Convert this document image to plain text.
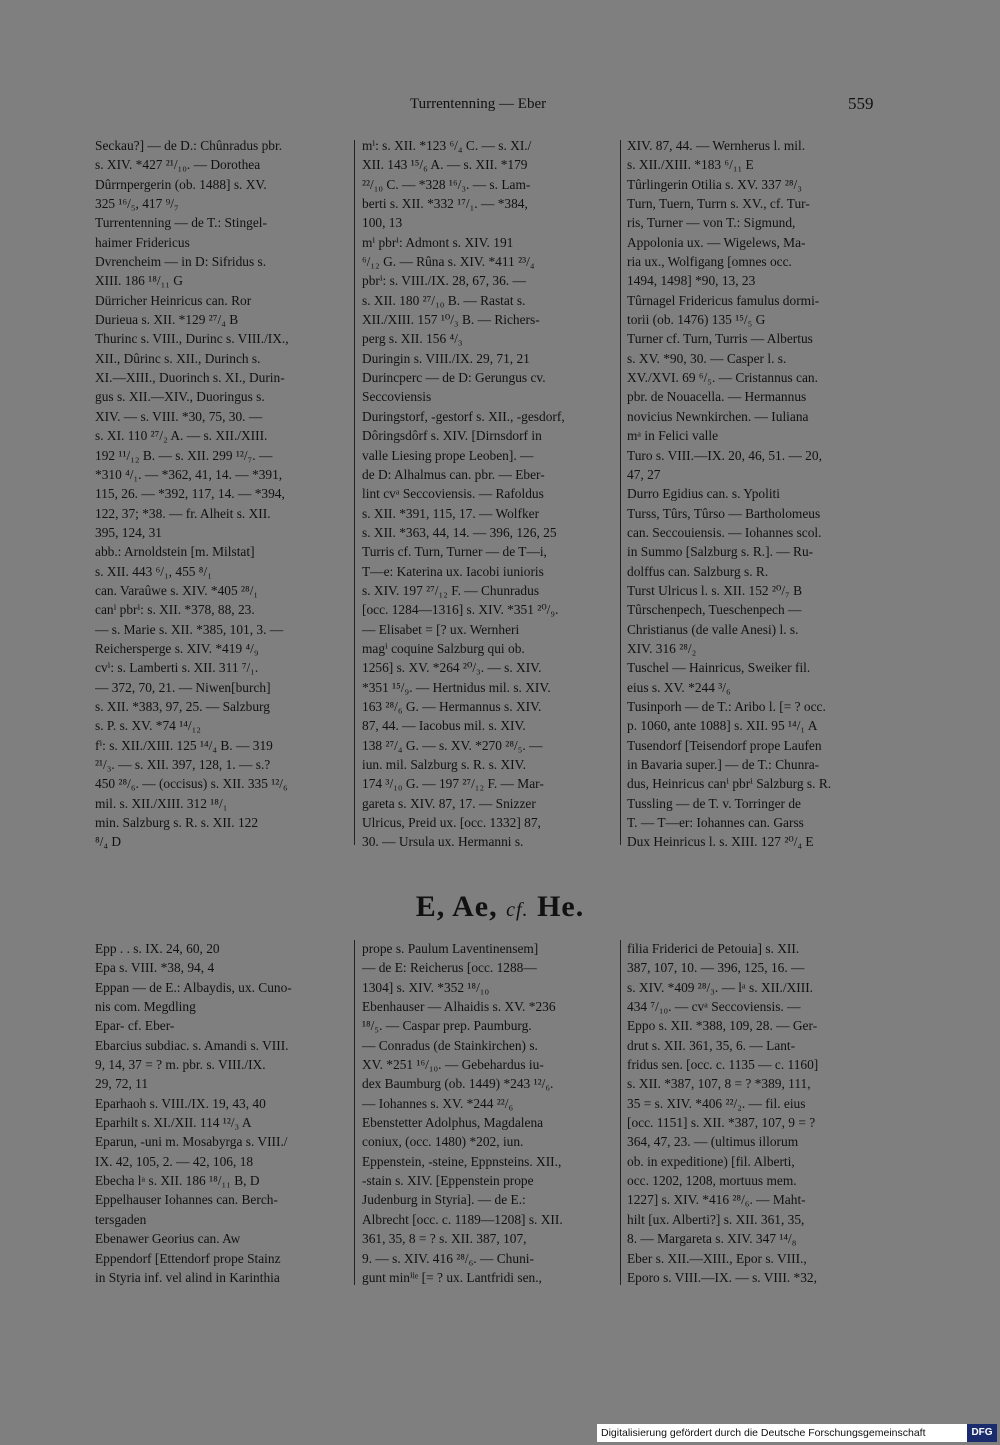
Turrentenning — Eber	559
Seckau?] — de D.: Chûnradus pbr.
s. XIV. *427 ²¹/₁₀. — Dorothea
Dûrrnpergerin (ob. 1488] s. XV.
325 ¹⁶/₅, 417 ⁹/₇
Turrentenning — de T.: Stingel-
haimer Fridericus
Dvrencheim — in D: Sifridus s.
XIII. 186 ¹⁸/₁₁ G
Dürricher Heinricus can. Ror
Durieua s. XII. *129 ²⁷/₄ B
Thurinc s. VIII., Durinc s. VIII./IX.,
XII., Dûrinc s. XII., Durinch s.
XI.—XIII., Duorinch s. XI., Durin-
gus s. XII.—XIV., Duoringus s.
XIV. — s. VIII. *30, 75, 30. —
s. XI. 110 ²⁷/₂ A. — s. XII./XIII.
192 ¹¹/₁₂ B. — s. XII. 299 ¹²/₇. —
*310 ⁴/₁. — *362, 41, 14. — *391,
115, 26. — *392, 117, 14. — *394,
122, 37; *38. — fr. Alheit s. XII.
395, 124, 31
abb.: Arnoldstein [m. Milstat]
s. XII. 443 ⁶/₁, 455 ⁸/₁
can. Varaûwe s. XIV. *405 ²⁸/₁
canⁱ pbrⁱ: s. XII. *378, 88, 23.
— s. Marie s. XII. *385, 101, 3. —
Reichersperge s. XIV. *419 ⁴/₉
cvⁱ: s. Lamberti s. XII. 311 ⁷/₁.
— 372, 70, 21. — Niwen[burch]
s. XII. *383, 97, 25. — Salzburg
s. P. s. XV. *74 ¹⁴/₁₂
fⁱ: s. XII./XIII. 125 ¹⁴/₄ B. — 319
²¹/₃. — s. XII. 397, 128, 1. — s.?
450 ²⁸/₆. — (occisus) s. XII. 335 ¹²/₆
mil. s. XII./XIII. 312 ¹⁸/₁
min. Salzburg s. R. s. XII. 122
⁸/₄ D
mⁱ: s. XII. *123 ⁶/₄ C. — s. XI./
XII. 143 ¹⁵/₆ A. — s. XII. *179
²²/₁₀ C. — *328 ¹⁶/₃. — s. Lam-
berti s. XII. *332 ¹⁷/₁. — *384,
100, 13
mⁱ pbrⁱ: Admont s. XIV. 191
⁶/₁₂ G. — Rûna s. XIV. *411 ²³/₄
pbrⁱ: s. VIII./IX. 28, 67, 36. —
s. XII. 180 ²⁷/₁₀ B. — Rastat s.
XII./XIII. 157 ¹⁰/₃ B. — Richers-
perg s. XII. 156 ⁴/₃
Duringin s. VIII./IX. 29, 71, 21
Durincperc — de D: Gerungus cv.
Seccoviensis
Duringstorf, -gestorf s. XII., -gesdorf,
Dôringsdôrf s. XIV. [Dirnsdorf in
valle Liesing prope Leoben]. —
de D: Alhalmus can. pbr. — Eber-
lint cvᵃ Seccoviensis. — Rafoldus
s. XII. *391, 115, 17. — Wolfker
s. XII. *363, 44, 14. — 396, 126, 25
Turris cf. Turn, Turner — de T—i,
T—e: Katerina ux. Iacobi iunioris
s. XIV. 197 ²⁷/₁₂ F. — Chunradus
[occ. 1284—1316] s. XIV. *351 ²⁰/₉.
— Elisabet = [? ux. Wernheri
magⁱ coquine Salzburg qui ob.
1256] s. XV. *264 ²⁰/₃. — s. XIV.
*351 ¹⁵/₉. — Hertnidus mil. s. XIV.
163 ²⁸/₆ G. — Hermannus s. XIV.
87, 44. — Iacobus mil. s. XIV.
138 ²⁷/₄ G. — s. XV. *270 ²⁸/₅. —
iun. mil. Salzburg s. R. s. XIV.
174 ³/₁₀ G. — 197 ²⁷/₁₂ F. — Mar-
gareta s. XIV. 87, 17. — Snizzer
Ulricus, Preid ux. [occ. 1332] 87,
30. — Ursula ux. Hermanni s.
XIV. 87, 44. — Wernherus l. mil.
s. XII./XIII. *183 ⁶/₁₁ E
Tûrlingerin Otilia s. XV. 337 ²⁸/₃
Turn, Tuern, Turrn s. XV., cf. Tur-
ris, Turner — von T.: Sigmund,
Appolonia ux. — Wigelews, Ma-
ria ux., Wolfigang [omnes occ.
1494, 1498] *90, 13, 23
Tûrnagel Fridericus famulus dormi-
torii (ob. 1476) 135 ¹⁵/₅ G
Turner cf. Turn, Turris — Albertus
s. XV. *90, 30. — Casper l. s.
XV./XVI. 69 ⁶/₅. — Cristannus can.
pbr. de Nouacella. — Hermannus
novicius Newnkirchen. — Iuliana
mᵃ in Felici valle
Turo s. VIII.—IX. 20, 46, 51. — 20,
47, 27
Durro Egidius can. s. Ypoliti
Turss, Tûrs, Tûrso — Bartholomeus
can. Seccouiensis. — Iohannes scol.
in Summo [Salzburg s. R.]. — Ru-
dolffus can. Salzburg s. R.
Turst Ulricus l. s. XII. 152 ²⁰/₇ B
Tûrschenpech, Tueschenpech —
Christianus (de valle Anesi) l. s.
XIV. 316 ²⁸/₂
Tuschel — Hainricus, Sweiker fil.
eius s. XV. *244 ³/₆
Tusinporh — de T.: Aribo l. [= ? occ.
p. 1060, ante 1088] s. XII. 95 ¹⁴/₁ A
Tusendorf [Teisendorf prope Laufen
in Bavaria super.] — de T.: Chunra-
dus, Heinricus canⁱ pbrⁱ Salzburg s. R.
Tussling — de T. v. Torringer de
T. — T—er: Iohannes can. Garss
Dux Heinricus l. s. XIII. 127 ²⁰/₄ E
E, Ae, cf. He.
Epp . . s. IX. 24, 60, 20
Epa s. VIII. *38, 94, 4
Eppan — de E.: Albaydis, ux. Cuno-
nis com. Megdling
Epar- cf. Eber-
Ebarcius subdiac. s. Amandi s. VIII.
9, 14, 37 = ? m. pbr. s. VIII./IX.
29, 72, 11
Eparhaoh s. VIII./IX. 19, 43, 40
Eparhilt s. XI./XII. 114 ¹²/₃ A
Eparun, -uni m. Mosabyrga s. VIII./
IX. 42, 105, 2. — 42, 106, 18
Ebecha lᵃ s. XII. 186 ¹⁸/₁₁ B, D
Eppelhauser Iohannes can. Berch-
tersgaden
Ebenawer Georius can. Aw
Eppendorf [Ettendorf prope Stainz
in Styria inf. vel alind in Karinthia
prope s. Paulum Laventinensem]
— de E: Reicherus [occ. 1288—
1304] s. XIV. *352 ¹⁸/₁₀
Ebenhauser — Alhaidis s. XV. *236
¹⁸/₅. — Caspar prep. Paumburg.
— Conradus (de Stainkirchen) s.
XV. *251 ¹⁶/₁₀. — Gebehardus iu-
dex Baumburg (ob. 1449) *243 ¹²/₆.
— Iohannes s. XV. *244 ²²/₆
Ebenstetter Adolphus, Magdalena
coniux, (occ. 1480) *202, iun.
Eppenstein, -steine, Eppnsteins. XII.,
-stain s. XIV. [Eppenstein prope
Judenburg in Styria]. — de E.:
Albrecht [occ. c. 1189—1208] s. XII.
361, 35, 8 = ? s. XII. 387, 107,
9. — s. XIV. 416 ²⁸/₆. — Chuni-
gunt minⁱˡᵉ [= ? ux. Lantfridi sen.,
filia Friderici de Petouia] s. XII.
387, 107, 10. — 396, 125, 16. —
s. XIV. *409 ²⁸/₃. — lᵃ s. XII./XIII.
434 ⁷/₁₀. — cvᵃ Seccoviensis. —
Eppo s. XII. *388, 109, 28. — Ger-
drut s. XII. 361, 35, 6. — Lant-
fridus sen. [occ. c. 1135 — c. 1160]
s. XII. *387, 107, 8 = ? *389, 111,
35 = s. XIV. *406 ²²/₂. — fil. eius
[occ. 1151] s. XII. *387, 107, 9 = ?
364, 47, 23. — (ultimus illorum
ob. in expeditione) [fil. Alberti,
occ. 1202, 1208, mortuus mem.
1227] s. XIV. *416 ²⁸/₆. — Maht-
hilt [ux. Alberti?] s. XII. 361, 35,
8. — Margareta s. XIV. 347 ¹⁴/₈
Eber s. XII.—XIII., Epor s. VIII.,
Eporo s. VIII.—IX. — s. VIII. *32,
Digitalisierung gefördert durch die Deutsche Forschungsgemeinschaft	DFG
